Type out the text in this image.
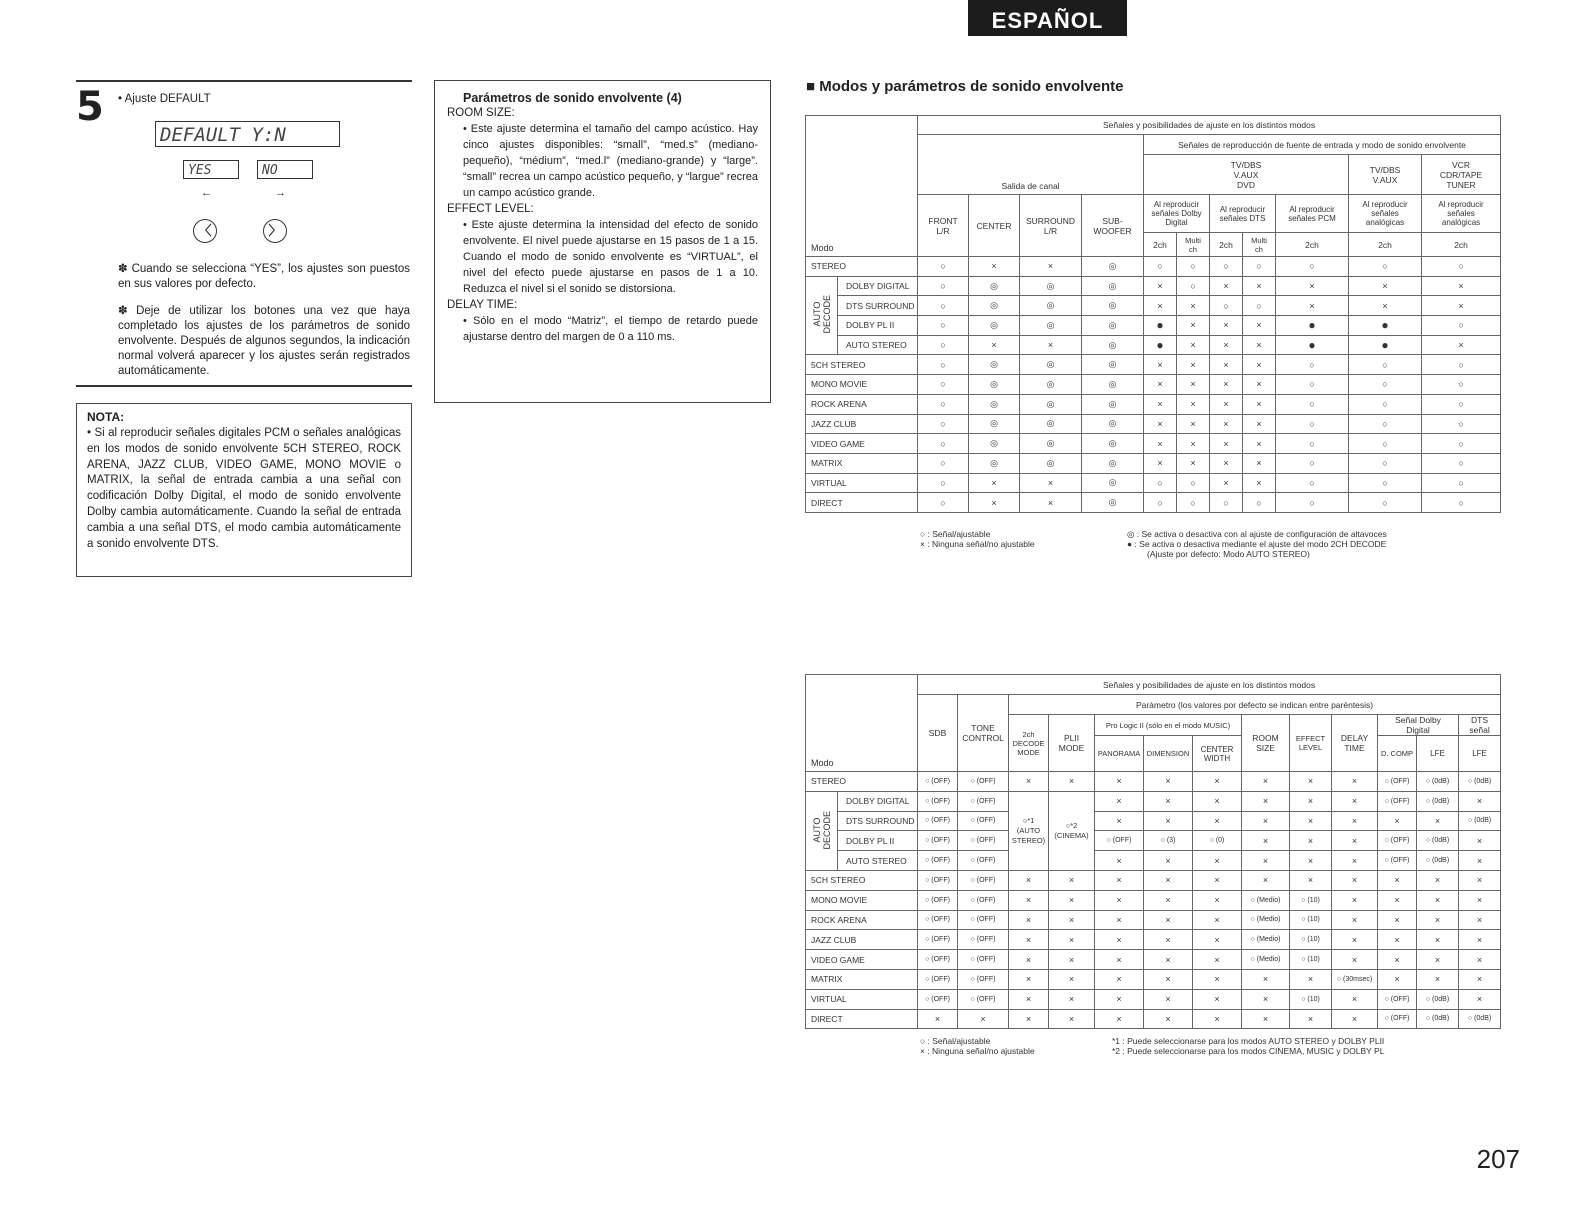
ESPAÑOL
5 •	Ajuste DEFAULT
DEFAULT Y:N
YES	NO
←	→
〈	〉
✽ Cuando se selecciona “YES”, los ajustes son puestos en sus valores por defecto.
✽ Deje de utilizar los botones una vez que haya completado los ajustes de los parámetros de sonido envolvente. Después de algunos segundos, la indicación normal volverá aparecer y los ajustes serán registrados automáticamente.
NOTA:
• Si al reproducir señales digitales PCM o señales analógicas en los modos de sonido envolvente 5CH STEREO, ROCK ARENA, JAZZ CLUB, VIDEO GAME, MONO MOVIE o MATRIX, la señal de entrada cambia a una señal con codificación Dolby Digital, el modo de sonido envolvente Dolby cambia automáticamente. Cuando la señal de entrada cambia a una señal DTS, el modo cambia automáticamente a sonido envolvente DTS.
Parámetros de sonido envolvente (4)
ROOM SIZE:
• Este ajuste determina el tamaño del campo acústico. Hay cinco ajustes disponibles: “small”, “med.s” (mediano-pequeño), “médium”, “med.l” (mediano-grande) y “large”. “small” recrea un campo acústico pequeño, y “largue” recrea un campo acústico grande.
EFFECT LEVEL:
• Este ajuste determina la intensidad del efecto de sonido envolvente. El nivel puede ajustarse en 15 pasos de 1 a 15. Cuando el modo de sonido envolvente es “VIRTUAL”, el nivel del efecto puede ajustarse en pasos de 1 a 10. Reduzca el nivel si el sonido se distorsiona.
DELAY TIME:
• Sólo en el modo “Matriz”, el tiempo de retardo puede ajustarse dentro del margen de 0 a 110 ms.
■ Modos y parámetros de sonido envolvente
Modo		Señales y posibilidades de ajuste en los distintos modos										
		Salida de canal				Señales de reproducción de fuente de entrada y modo de sonido envolvente						
						TV/DBS
V.AUX
DVD					TV/DBS
V.AUX	VCR
CDR/TAPE
TUNER
		FRONT
L/R	CENTER	SURROUND
L/R	SUB-
WOOFER	Al reproducir
señales Dolby
Digital		Al reproducir
señales DTS		Al reproducir
señales PCM	Al reproducir
señales
analógicas	Al reproducir
señales
analógicas
						2ch	Multi
ch	2ch	Multi
ch	2ch	2ch	2ch
STEREO		○	×	×	◎	○	○	○	○	○	○	○
AUTO
DECODE	DOLBY DIGITAL	○	◎	◎	◎	×	○	×	×	×	×	×
	DTS SURROUND	○	◎	◎	◎	×	×	○	○	×	×	×
	DOLBY PL II	○	◎	◎	◎	●	×	×	×	●	●	○
	AUTO STEREO	○	×	×	◎	●	×	×	×	●	●	×
5CH STEREO		○	◎	◎	◎	×	×	×	×	○	○	○
MONO MOVIE		○	◎	◎	◎	×	×	×	×	○	○	○
ROCK ARENA		○	◎	◎	◎	×	×	×	×	○	○	○
JAZZ CLUB		○	◎	◎	◎	×	×	×	×	○	○	○
VIDEO GAME		○	◎	◎	◎	×	×	×	×	○	○	○
MATRIX		○	◎	◎	◎	×	×	×	×	○	○	○
VIRTUAL		○	×	×	◎	○	○	×	×	○	○	○
DIRECT		○	×	×	◎	○	○	○	○	○	○	○
○ : Señal/ajustable
× : Ninguna señal/no ajustable
◎ : Se activa o desactiva con al ajuste de configuración de altavoces
● : Se activa o desactiva mediante el ajuste del modo 2CH DECODE
(Ajuste por defecto: Modo AUTO STEREO)
Modo		Señales y posibilidades de ajuste en los distintos modos												
		SDB	TONE
CONTROL	Parámetro (los valores por defecto se indican entre paréntesis)										
				2ch
DECODE
MODE	PLII
MODE	Pro Logic II (sólo en el modo MUSIC)			ROOM
SIZE	EFFECT
LEVEL	DELAY
TIME	Señal Dolby
Digital		DTS
señal
						PANORAMA	DIMENSION	CENTER
WIDTH				D. COMP	LFE	LFE
STEREO		○ (OFF)	○ (OFF)	×	×	×	×	×	×	×	×	○ (OFF)	○ (0dB)	○ (0dB)
AUTO
DECODE	DOLBY DIGITAL	○ (OFF)	○ (OFF)	○*1
(AUTO
STEREO)	○*2
(CINEMA)	×	×	×	×	×	×	○ (OFF)	○ (0dB)	×
	DTS SURROUND	○ (OFF)	○ (OFF)			×	×	×	×	×	×	×	×	○ (0dB)
	DOLBY PL II	○ (OFF)	○ (OFF)			○ (OFF)	○ (3)	○ (0)	×	×	×	○ (OFF)	○ (0dB)	×
	AUTO STEREO	○ (OFF)	○ (OFF)			×	×	×	×	×	×	○ (OFF)	○ (0dB)	×
5CH STEREO		○ (OFF)	○ (OFF)	×	×	×	×	×	×	×	×	×	×	×
MONO MOVIE		○ (OFF)	○ (OFF)	×	×	×	×	×	○ (Medio)	○ (10)	×	×	×	×
ROCK ARENA		○ (OFF)	○ (OFF)	×	×	×	×	×	○ (Medio)	○ (10)	×	×	×	×
JAZZ CLUB		○ (OFF)	○ (OFF)	×	×	×	×	×	○ (Medio)	○ (10)	×	×	×	×
VIDEO GAME		○ (OFF)	○ (OFF)	×	×	×	×	×	○ (Medio)	○ (10)	×	×	×	×
MATRIX		○ (OFF)	○ (OFF)	×	×	×	×	×	×	×	○ (30msec)	×	×	×
VIRTUAL		○ (OFF)	○ (OFF)	×	×	×	×	×	×	○ (10)	×	○ (OFF)	○ (0dB)	×
DIRECT		×	×	×	×	×	×	×	×	×	×	○ (OFF)	○ (0dB)	○ (0dB)
○ : Señal/ajustable
× : Ninguna señal/no ajustable
*1 : Puede seleccionarse para los modos AUTO STEREO y DOLBY PLII
*2 : Puede seleccionarse para los modos CINEMA, MUSIC y DOLBY PL
207
